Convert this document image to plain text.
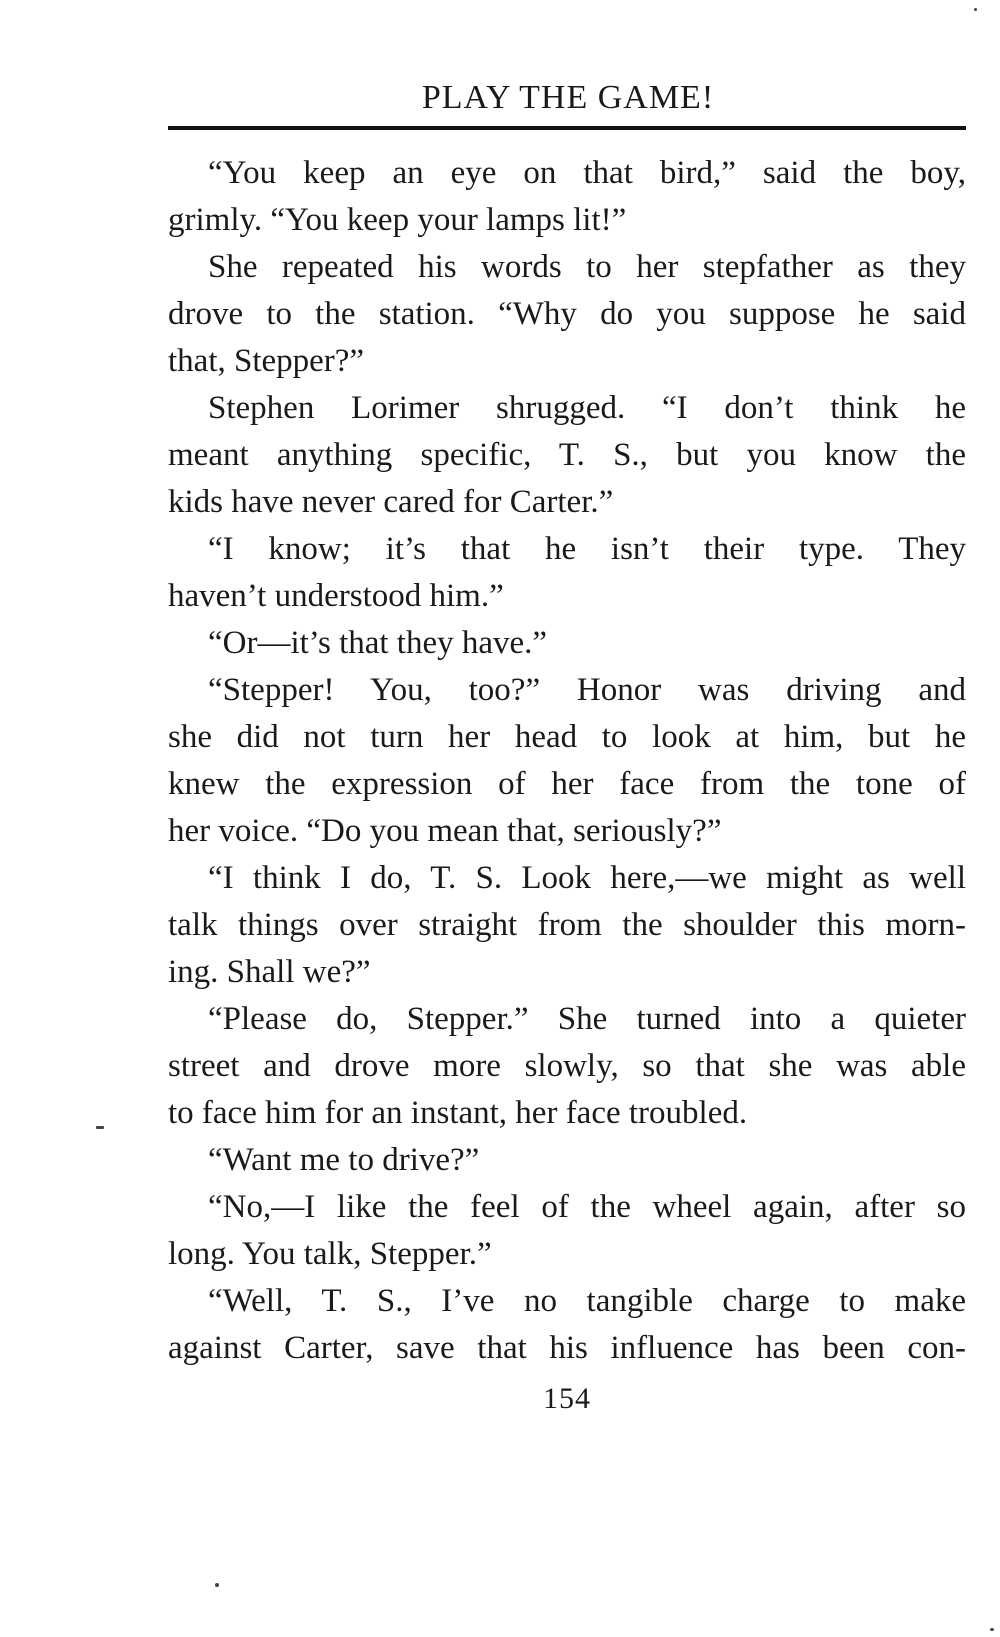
PLAY THE GAME!
“You keep an eye on that bird,” said the boy,
grimly. “You keep your lamps lit!”
She repeated his words to her stepfather as they
drove to the station. “Why do you suppose he said
that, Stepper?”
Stephen Lorimer shrugged. “I don’t think he
meant anything specific, T. S., but you know the
kids have never cared for Carter.”
“I know; it’s that he isn’t their type. They
haven’t understood him.”
“Or—it’s that they have.”
“Stepper! You, too?” Honor was driving and
she did not turn her head to look at him, but he
knew the expression of her face from the tone of
her voice. “Do you mean that, seriously?”
“I think I do, T. S. Look here,—we might as well
talk things over straight from the shoulder this morn-
ing. Shall we?”
“Please do, Stepper.” She turned into a quieter
street and drove more slowly, so that she was able
to face him for an instant, her face troubled.
“Want me to drive?”
“No,—I like the feel of the wheel again, after so
long. You talk, Stepper.”
“Well, T. S., I’ve no tangible charge to make
against Carter, save that his influence has been con-
154
